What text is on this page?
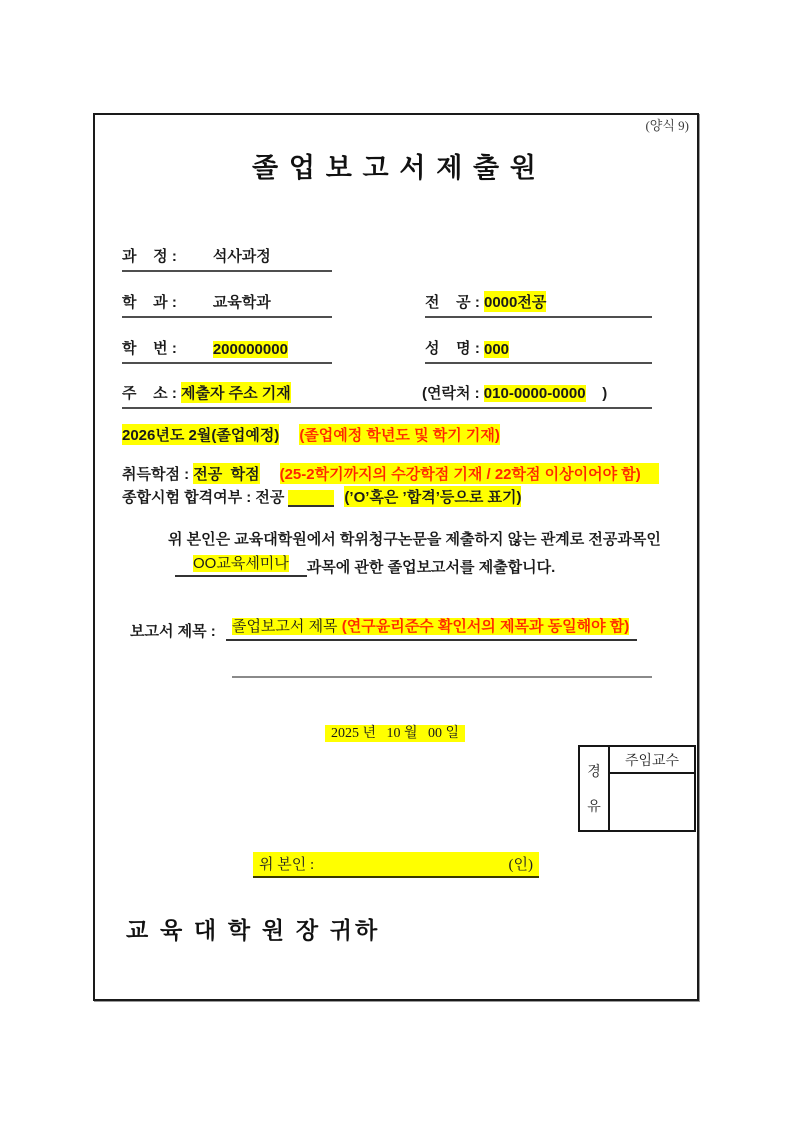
(양식 9)
졸 업 보 고 서 제 출 원
과    정 : 석사과정
학    과 : 교육학과	전    공 : 0000전공
학    번 : 200000000	성    명 : 000
주    소 : 제출자 주소 기재	(연락처 : 010-0000-0000    )
2026년도 2월(졸업예정) (졸업예정 학년도 및 학기 기재)
취득학점 : 전공  학점 (25-2학기까지의 수강학점 기재 / 22학점 이상이어야 함)
종합시험 합격여부 : 전공	(’O’혹은 ’합격’등으로 표기)
위 본인은 교육대학원에서 학위청구논문을 제출하지 않는 관계로 전공과목인
OO교육세미나	과목에 관한 졸업보고서를 제출합니다.
보고서 제목 : 졸업보고서 제목 (연구윤리준수 확인서의 제목과 동일해야 함)
2025 년   10 월   00 일
경
유
주임교수
위 본인 :	(인)
교 육 대 학 원 장 귀하
